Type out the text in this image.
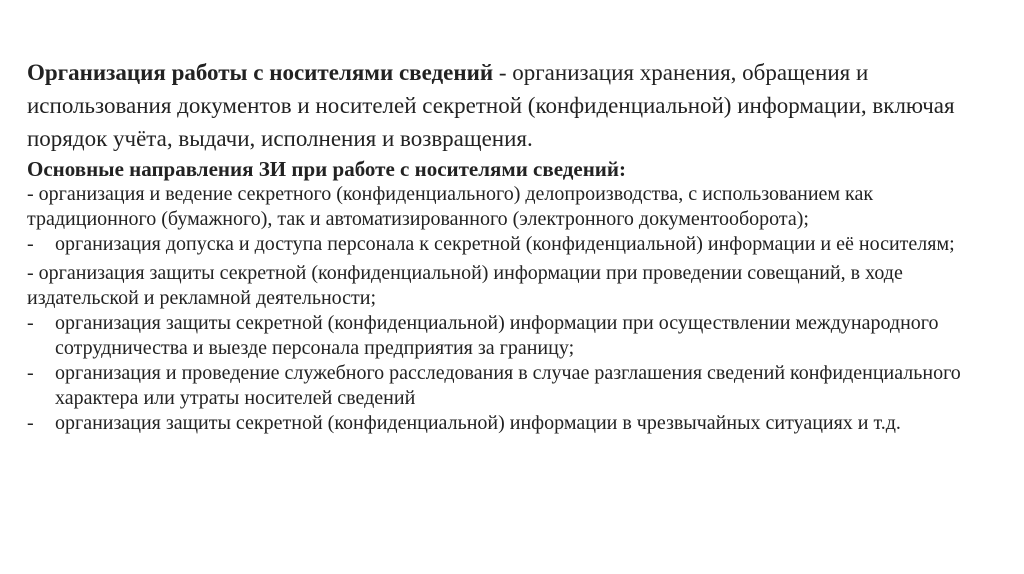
Организация работы с носителями сведений - организация хранения, обращения и использования документов и носителей секретной (конфиденциальной) информации, включая порядок учёта, выдачи, исполнения и возвращения.

Основные направления ЗИ при работе с носителями сведений:

- организация и ведение секретного (конфиденциального) делопроизводства, с использованием как традиционного (бумажного), так и автоматизированного (электронного документооборота);

-	организация допуска и доступа персонала к секретной (конфиденциальной) информации и её носителям;

- организация защиты секретной (конфиденциальной) информации при проведении совещаний, в ходе издательской и рекламной деятельности;

-	организация защиты секретной (конфиденциальной) информации при осуществлении международного сотрудничества и выезде персонала предприятия за границу;
-	организация и проведение служебного расследования в случае разглашения сведений конфиденциального характера или утраты носителей сведений
-	организация защиты секретной (конфиденциальной) информации в чрезвычайных ситуациях и т.д.
